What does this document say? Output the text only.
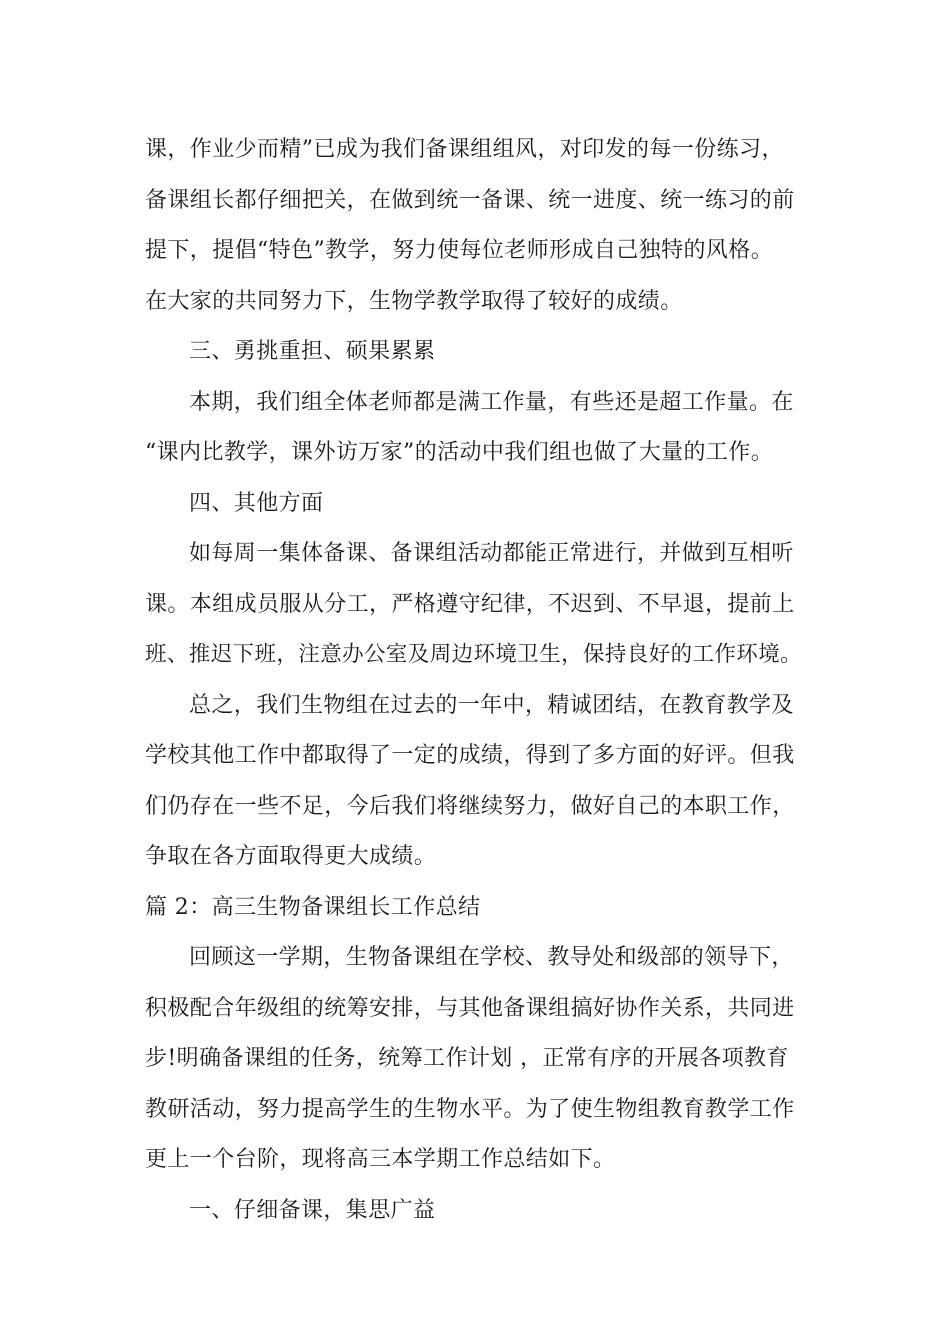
课，作业少而精”已成为我们备课组组风，对印发的每一份练习，
备课组长都仔细把关，在做到统一备课、统一进度、统一练习的前
提下，提倡“特色”教学，努力使每位老师形成自己独特的风格。
在大家的共同努力下，生物学教学取得了较好的成绩。
三、勇挑重担、硕果累累
本期，我们组全体老师都是满工作量，有些还是超工作量。在
“课内比教学，课外访万家”的活动中我们组也做了大量的工作。
四、其他方面
如每周一集体备课、备课组活动都能正常进行，并做到互相听
课。本组成员服从分工，严格遵守纪律，不迟到、不早退，提前上
班、推迟下班，注意办公室及周边环境卫生，保持良好的工作环境。
总之，我们生物组在过去的一年中，精诚团结，在教育教学及
学校其他工作中都取得了一定的成绩，得到了多方面的好评。但我
们仍存在一些不足，今后我们将继续努力，做好自己的本职工作，
争取在各方面取得更大成绩。
篇 2：高三生物备课组长工作总结
回顾这一学期，生物备课组在学校、教导处和级部的领导下，
积极配合年级组的统筹安排，与其他备课组搞好协作关系，共同进
步!明确备课组的任务，统筹工作计划 ，正常有序的开展各项教育
教研活动，努力提高学生的生物水平。为了使生物组教育教学工作
更上一个台阶，现将高三本学期工作总结如下。
一、仔细备课，集思广益
